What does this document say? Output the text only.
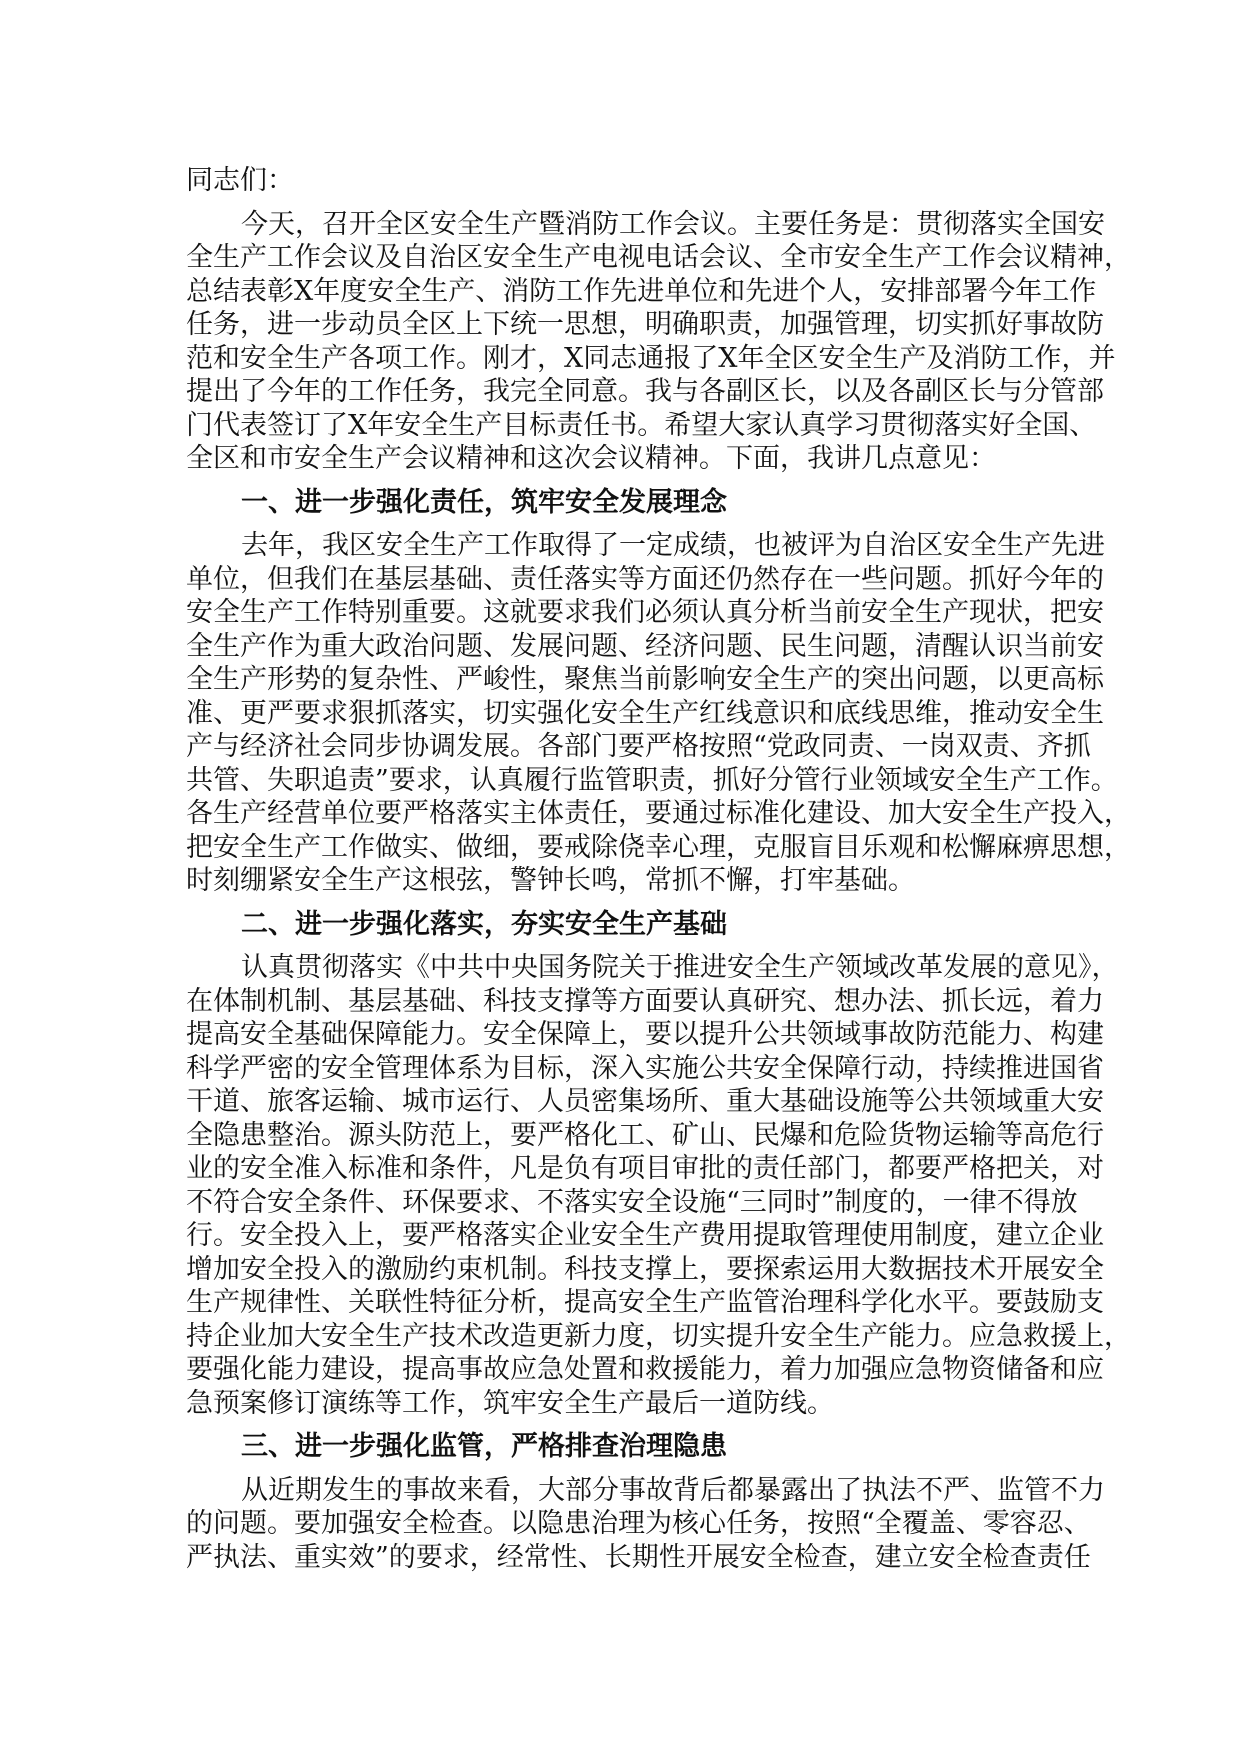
同志们：
今天，召开全区安全生产暨消防工作会议。主要任务是：贯彻落实全国安
全生产工作会议及自治区安全生产电视电话会议、全市安全生产工作会议精神，
总结表彰X年度安全生产、消防工作先进单位和先进个人，安排部署今年工作
任务，进一步动员全区上下统一思想，明确职责，加强管理，切实抓好事故防
范和安全生产各项工作。刚才，X同志通报了X年全区安全生产及消防工作，并
提出了今年的工作任务，我完全同意。我与各副区长，以及各副区长与分管部
门代表签订了X年安全生产目标责任书。希望大家认真学习贯彻落实好全国、
全区和市安全生产会议精神和这次会议精神。下面，我讲几点意见：
一、进一步强化责任，筑牢安全发展理念
去年，我区安全生产工作取得了一定成绩，也被评为自治区安全生产先进
单位，但我们在基层基础、责任落实等方面还仍然存在一些问题。抓好今年的
安全生产工作特别重要。这就要求我们必须认真分析当前安全生产现状，把安
全生产作为重大政治问题、发展问题、经济问题、民生问题，清醒认识当前安
全生产形势的复杂性、严峻性，聚焦当前影响安全生产的突出问题，以更高标
准、更严要求狠抓落实，切实强化安全生产红线意识和底线思维，推动安全生
产与经济社会同步协调发展。各部门要严格按照“党政同责、一岗双责、齐抓
共管、失职追责”要求，认真履行监管职责，抓好分管行业领域安全生产工作。
各生产经营单位要严格落实主体责任，要通过标准化建设、加大安全生产投入，
把安全生产工作做实、做细，要戒除侥幸心理，克服盲目乐观和松懈麻痹思想，
时刻绷紧安全生产这根弦，警钟长鸣，常抓不懈，打牢基础。
二、进一步强化落实，夯实安全生产基础
认真贯彻落实《中共中央国务院关于推进安全生产领域改革发展的意见》，
在体制机制、基层基础、科技支撑等方面要认真研究、想办法、抓长远，着力
提高安全基础保障能力。安全保障上，要以提升公共领域事故防范能力、构建
科学严密的安全管理体系为目标，深入实施公共安全保障行动，持续推进国省
干道、旅客运输、城市运行、人员密集场所、重大基础设施等公共领域重大安
全隐患整治。源头防范上，要严格化工、矿山、民爆和危险货物运输等高危行
业的安全准入标准和条件，凡是负有项目审批的责任部门，都要严格把关，对
不符合安全条件、环保要求、不落实安全设施“三同时”制度的，一律不得放
行。安全投入上，要严格落实企业安全生产费用提取管理使用制度，建立企业
增加安全投入的激励约束机制。科技支撑上，要探索运用大数据技术开展安全
生产规律性、关联性特征分析，提高安全生产监管治理科学化水平。要鼓励支
持企业加大安全生产技术改造更新力度，切实提升安全生产能力。应急救援上，
要强化能力建设，提高事故应急处置和救援能力，着力加强应急物资储备和应
急预案修订演练等工作，筑牢安全生产最后一道防线。
三、进一步强化监管，严格排查治理隐患
从近期发生的事故来看，大部分事故背后都暴露出了执法不严、监管不力
的问题。要加强安全检查。以隐患治理为核心任务，按照“全覆盖、零容忍、
严执法、重实效”的要求，经常性、长期性开展安全检查，建立安全检查责任
